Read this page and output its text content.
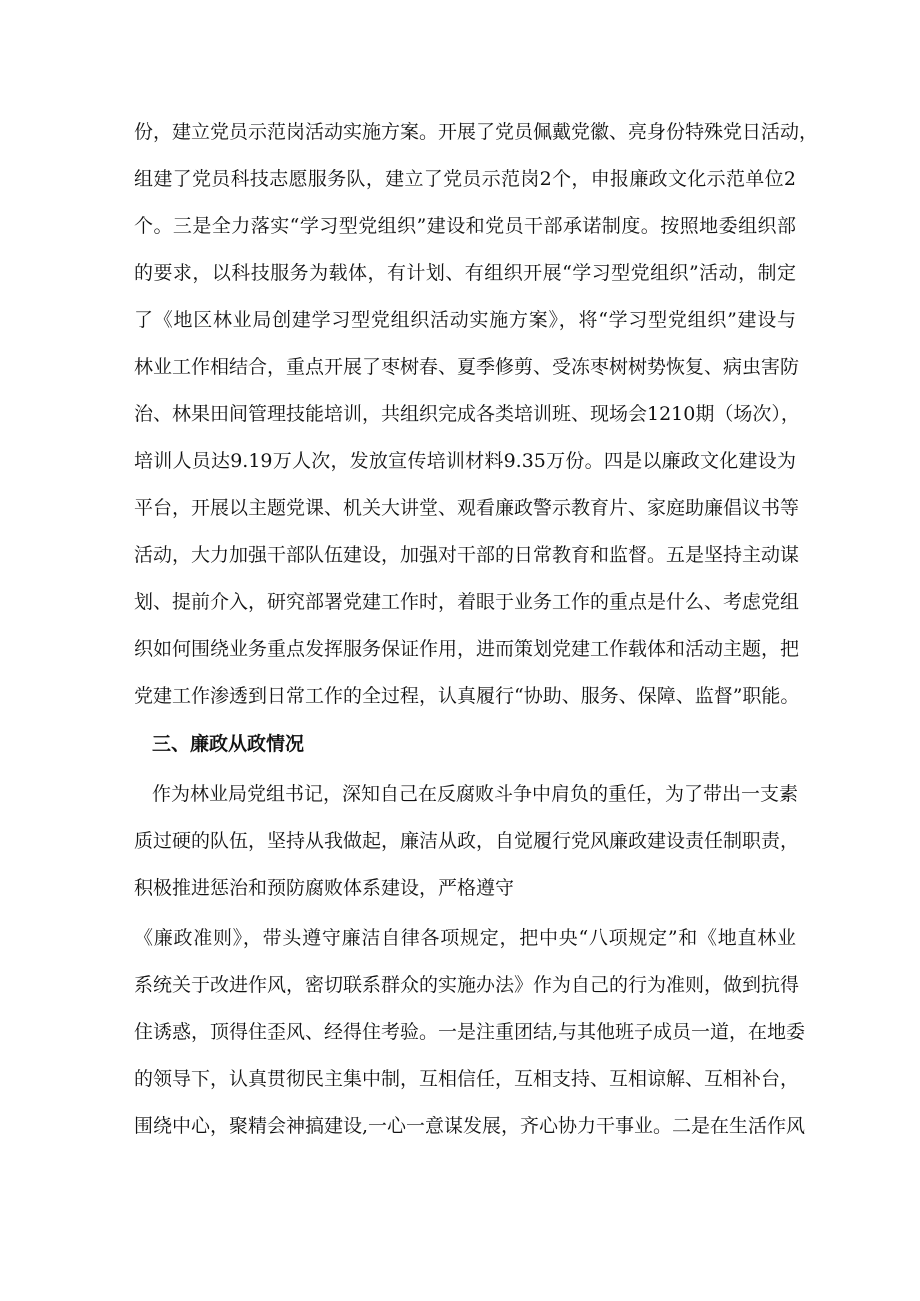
份，建立党员示范岗活动实施方案。开展了党员佩戴党徽、亮身份特殊党日活动，
组建了党员科技志愿服务队，建立了党员示范岗2个，申报廉政文化示范单位2
个。三是全力落实“学习型党组织”建设和党员干部承诺制度。按照地委组织部
的要求，以科技服务为载体，有计划、有组织开展“学习型党组织”活动，制定
了《地区林业局创建学习型党组织活动实施方案》，将“学习型党组织”建设与
林业工作相结合，重点开展了枣树春、夏季修剪、受冻枣树树势恢复、病虫害防
治、林果田间管理技能培训，共组织完成各类培训班、现场会1210期（场次），
培训人员达9.19万人次，发放宣传培训材料9.35万份。四是以廉政文化建设为
平台，开展以主题党课、机关大讲堂、观看廉政警示教育片、家庭助廉倡议书等
活动，大力加强干部队伍建设，加强对干部的日常教育和监督。五是坚持主动谋
划、提前介入，研究部署党建工作时，着眼于业务工作的重点是什么、考虑党组
织如何围绕业务重点发挥服务保证作用，进而策划党建工作载体和活动主题，把
党建工作渗透到日常工作的全过程，认真履行“协助、服务、保障、监督”职能。
三、廉政从政情况
作为林业局党组书记，深知自己在反腐败斗争中肩负的重任，为了带出一支素
质过硬的队伍，坚持从我做起，廉洁从政，自觉履行党风廉政建设责任制职责，
积极推进惩治和预防腐败体系建设，严格遵守
《廉政准则》，带头遵守廉洁自律各项规定，把中央“八项规定”和《地直林业
系统关于改进作风，密切联系群众的实施办法》作为自己的行为准则，做到抗得
住诱惑，顶得住歪风、经得住考验。一是注重团结,与其他班子成员一道，在地委
的领导下，认真贯彻民主集中制，互相信任，互相支持、互相谅解、互相补台，
围绕中心，聚精会神搞建设,一心一意谋发展，齐心协力干事业。二是在生活作风
